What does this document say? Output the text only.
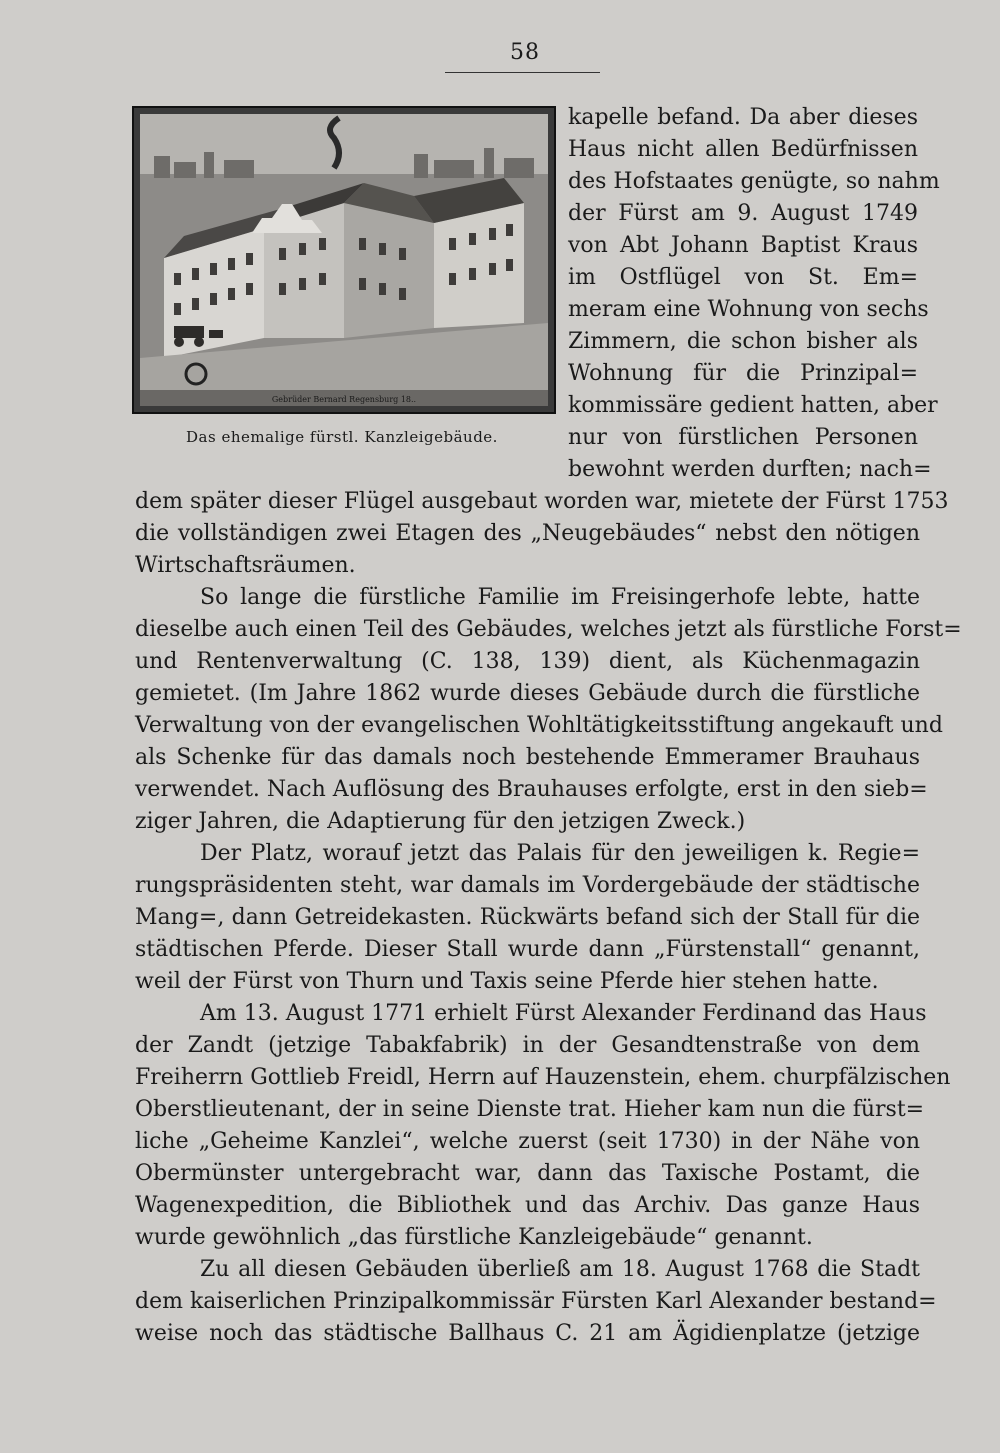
58
Gebrüder Bernard Regensburg 18..
Das ehemalige fürstl. Kanzleigebäude.
kapelle befand. Da aber dieses
Haus nicht allen Bedürfnissen
des Hofstaates genügte, so nahm
der Fürst am 9. August 1749
von Abt Johann Baptist Kraus
im Ostflügel von St. Em=
meram eine Wohnung von sechs
Zimmern, die schon bisher als
Wohnung für die Prinzipal=
kommissäre gedient hatten, aber
nur von fürstlichen Personen
bewohnt werden durften; nach=
dem später dieser Flügel ausgebaut worden war, mietete der Fürst 1753
die vollständigen zwei Etagen des „Neugebäudes“ nebst den nötigen
Wirtschaftsräumen.
So lange die fürstliche Familie im Freisingerhofe lebte, hatte
dieselbe auch einen Teil des Gebäudes, welches jetzt als fürstliche Forst=
und Rentenverwaltung (C. 138, 139) dient, als Küchenmagazin
gemietet. (Im Jahre 1862 wurde dieses Gebäude durch die fürstliche
Verwaltung von der evangelischen Wohltätigkeitsstiftung angekauft und
als Schenke für das damals noch bestehende Emmeramer Brauhaus
verwendet. Nach Auflösung des Brauhauses erfolgte, erst in den sieb=
ziger Jahren, die Adaptierung für den jetzigen Zweck.)
Der Platz, worauf jetzt das Palais für den jeweiligen k. Regie=
rungspräsidenten steht, war damals im Vordergebäude der städtische
Mang=, dann Getreidekasten. Rückwärts befand sich der Stall für die
städtischen Pferde. Dieser Stall wurde dann „Fürstenstall“ genannt,
weil der Fürst von Thurn und Taxis seine Pferde hier stehen hatte.
Am 13. August 1771 erhielt Fürst Alexander Ferdinand das Haus
der Zandt (jetzige Tabakfabrik) in der Gesandtenstraße von dem
Freiherrn Gottlieb Freidl, Herrn auf Hauzenstein, ehem. churpfälzischen
Oberstlieutenant, der in seine Dienste trat. Hieher kam nun die fürst=
liche „Geheime Kanzlei“, welche zuerst (seit 1730) in der Nähe von
Obermünster untergebracht war, dann das Taxische Postamt, die
Wagenexpedition, die Bibliothek und das Archiv. Das ganze Haus
wurde gewöhnlich „das fürstliche Kanzleigebäude“ genannt.
Zu all diesen Gebäuden überließ am 18. August 1768 die Stadt
dem kaiserlichen Prinzipalkommissär Fürsten Karl Alexander bestand=
weise noch das städtische Ballhaus C. 21 am Ägidienplatze (jetzige
